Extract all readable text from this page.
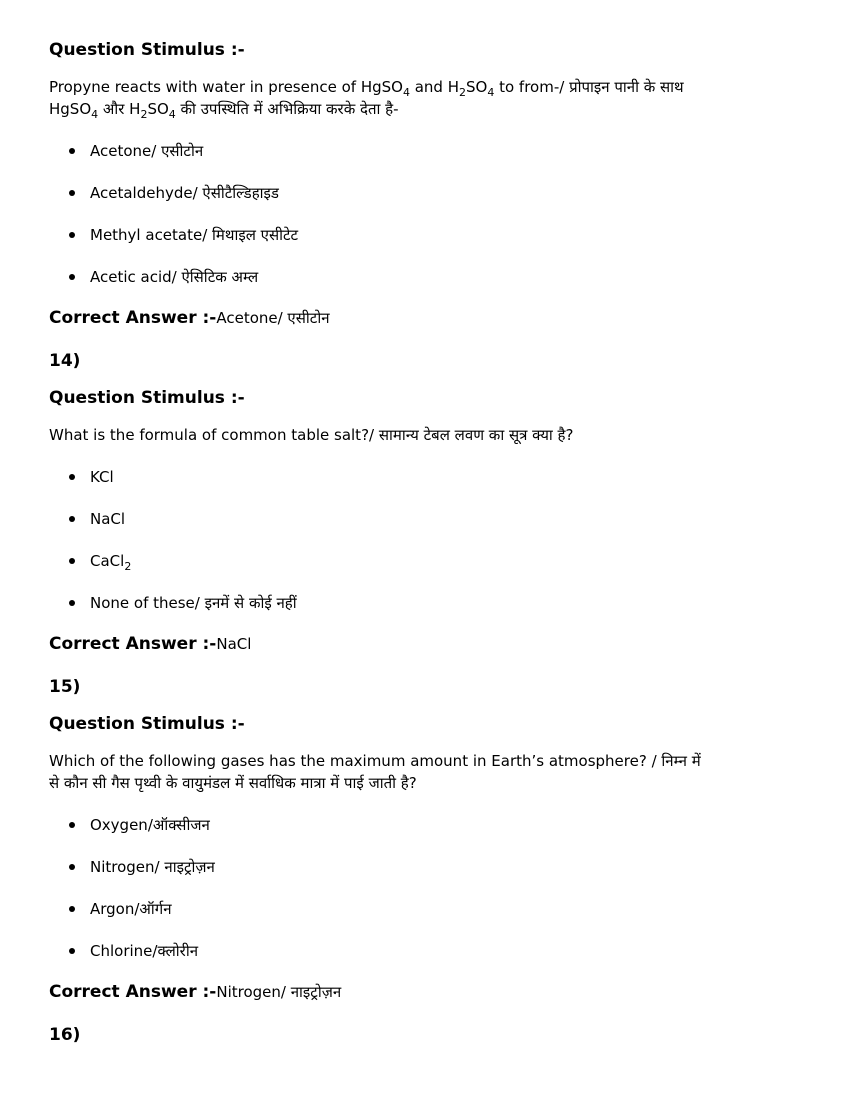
Question Stimulus :-

Propyne reacts with water in presence of HgSO$_4$ and $H_2SO_4$ to from-/ प्रोपाइन पानी के साथ
HgSO$_4$ और $H_2SO_4$ की उपस्थिति में अभिक्रिया करके देता है-

Acetone/ एसीटोन
Acetaldehyde/ ऐसीटैल्डिहाइड
Methyl acetate/ मिथाइल एसीटेट
Acetic acid/ ऐसिटिक अम्ल

Correct Answer :-Acetone/ एसीटोन

14)

Question Stimulus :-

What is the formula of common table salt?/ सामान्य टेबल लवण का सूत्र क्या है?

KCl
NaCl
CaCl$_2$
None of these/ इनमें से कोई नहीं

Correct Answer :-NaCl

15)

Question Stimulus :-

Which of the following gases has the maximum amount in Earth’s atmosphere? / निम्न में
से कौन सी गैस पृथ्वी के वायुमंडल में सर्वाधिक मात्रा में पाई जाती है?

Oxygen/ऑक्सीजन
Nitrogen/ नाइट्रोज़न
Argon/ऑर्गन
Chlorine/क्लोरीन

Correct Answer :-Nitrogen/ नाइट्रोज़न

16)
